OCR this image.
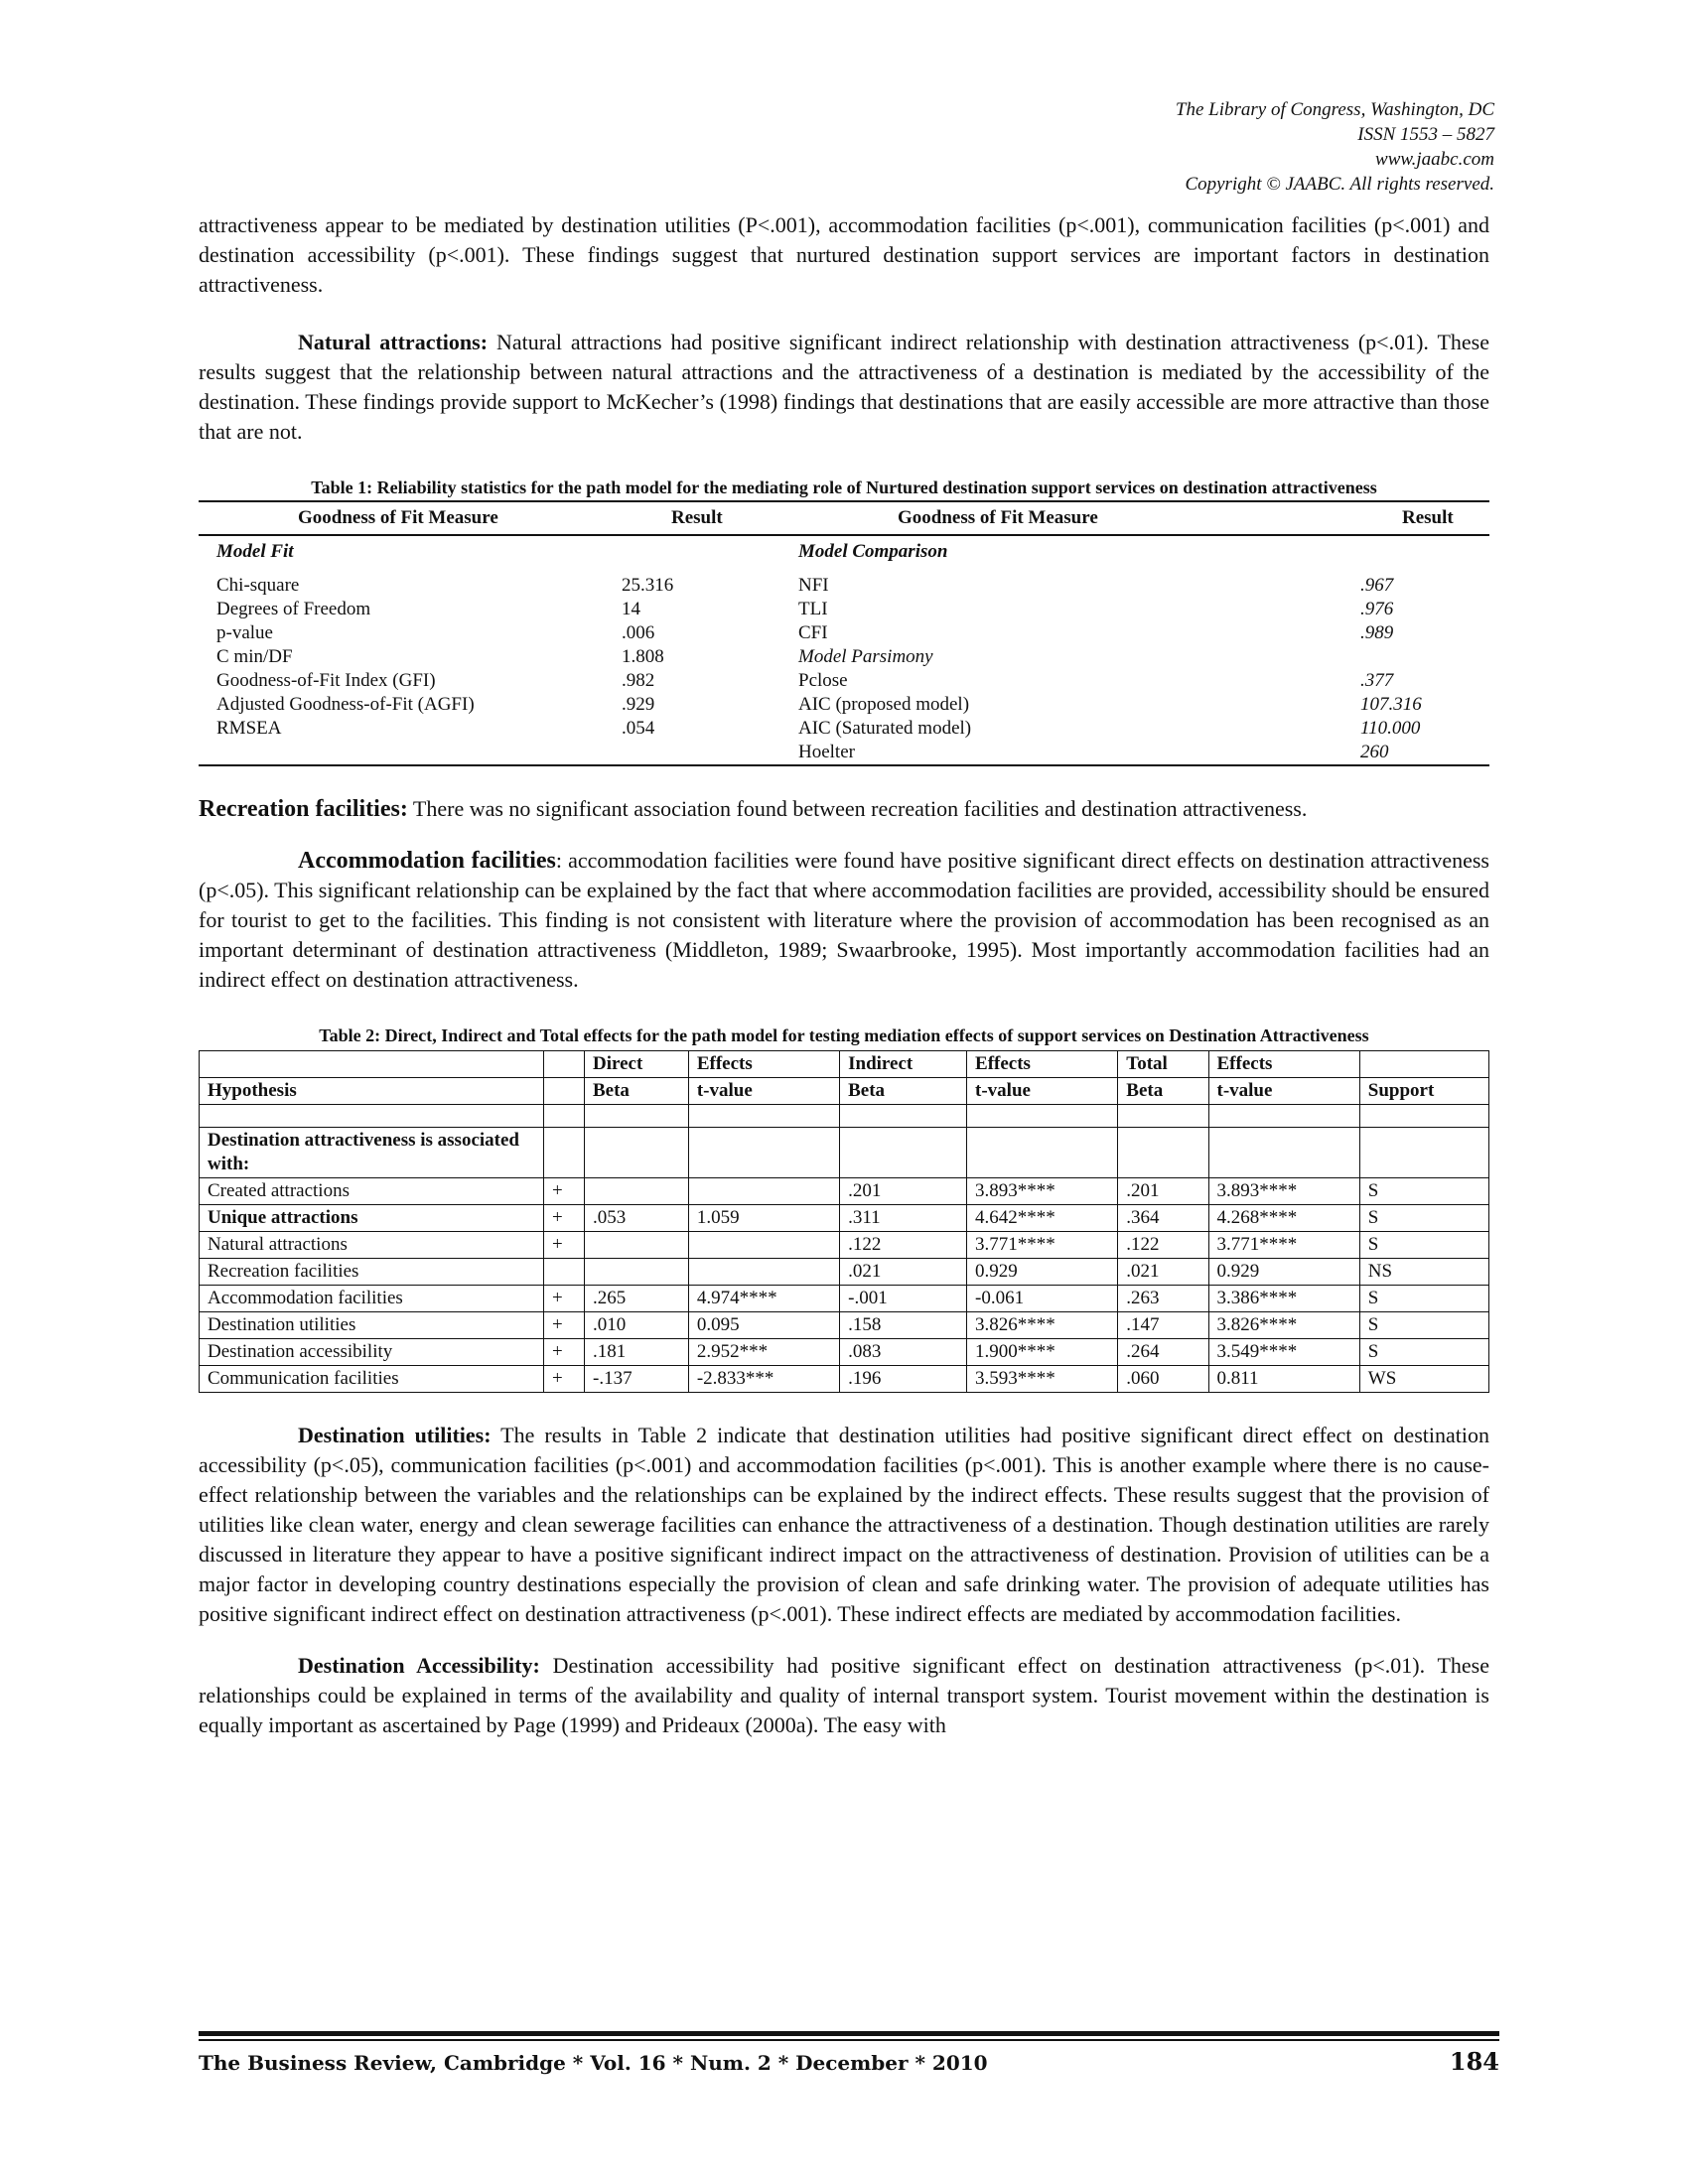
The Library of Congress, Washington, DC
ISSN 1553 – 5827
www.jaabc.com
Copyright © JAABC. All rights reserved.

attractiveness appear to be mediated by destination utilities (P<.001), accommodation facilities (p<.001), communication facilities (p<.001) and destination accessibility (p<.001). These findings suggest that nurtured destination support services are important factors in destination attractiveness.

Natural attractions: Natural attractions had positive significant indirect relationship with destination attractiveness (p<.01). These results suggest that the relationship between natural attractions and the attractiveness of a destination is mediated by the accessibility of the destination. These findings provide support to McKecher’s (1998) findings that destinations that are easily accessible are more attractive than those that are not.

Table 1: Reliability statistics for the path model for the mediating role of Nurtured destination support services on destination attractiveness
Goodness of Fit Measure	Result	Goodness of Fit Measure	Result
Model Fit		Model Comparison	
Chi-square	25.316	NFI	.967
Degrees of Freedom	14	TLI	.976
p-value	.006	CFI	.989
C min/DF	1.808	Model Parsimony	
Goodness-of-Fit Index (GFI)	.982	Pclose	.377
Adjusted Goodness-of-Fit (AGFI)	.929	AIC (proposed model)	107.316
RMSEA	.054	AIC (Saturated model)	110.000
		Hoelter	260

Recreation facilities: There was no significant association found between recreation facilities and destination attractiveness.

Accommodation facilities: accommodation facilities were found have positive significant direct effects on destination attractiveness (p<.05). This significant relationship can be explained by the fact that where accommodation facilities are provided, accessibility should be ensured for tourist to get to the facilities. This finding is not consistent with literature where the provision of accommodation has been recognised as an important determinant of destination attractiveness (Middleton, 1989; Swaarbrooke, 1995). Most importantly accommodation facilities had an indirect effect on destination attractiveness.

Table 2: Direct, Indirect and Total effects for the path model for testing mediation effects of support services on Destination Attractiveness
		Direct	Effects	Indirect	Effects	Total	Effects	
Hypothesis		Beta	t-value	Beta	t-value	Beta	t-value	Support

Destination attractiveness is associated with:								
Created attractions	+			.201	3.893****	.201	3.893****	S
Unique attractions	+	.053	1.059	.311	4.642****	.364	4.268****	S
Natural attractions	+			.122	3.771****	.122	3.771****	S
Recreation facilities				.021	0.929	.021	0.929	NS
Accommodation facilities	+	.265	4.974****	-.001	-0.061	.263	3.386****	S
Destination utilities	+	.010	0.095	.158	3.826****	.147	3.826****	S
Destination accessibility	+	.181	2.952***	.083	1.900****	.264	3.549****	S
Communication facilities	+	-.137	-2.833***	.196	3.593****	.060	0.811	WS

Destination utilities: The results in Table 2 indicate that destination utilities had positive significant direct effect on destination accessibility (p<.05), communication facilities (p<.001) and accommodation facilities (p<.001). This is another example where there is no cause-effect relationship between the variables and the relationships can be explained by the indirect effects. These results suggest that the provision of utilities like clean water, energy and clean sewerage facilities can enhance the attractiveness of a destination. Though destination utilities are rarely discussed in literature they appear to have a positive significant indirect impact on the attractiveness of destination. Provision of utilities can be a major factor in developing country destinations especially the provision of clean and safe drinking water. The provision of adequate utilities has positive significant indirect effect on destination attractiveness (p<.001). These indirect effects are mediated by accommodation facilities.

Destination Accessibility: Destination accessibility had positive significant effect on destination attractiveness (p<.01). These relationships could be explained in terms of the availability and quality of internal transport system. Tourist movement within the destination is equally important as ascertained by Page (1999) and Prideaux (2000a). The easy with

The Business Review, Cambridge * Vol. 16 * Num. 2 * December * 2010	184
